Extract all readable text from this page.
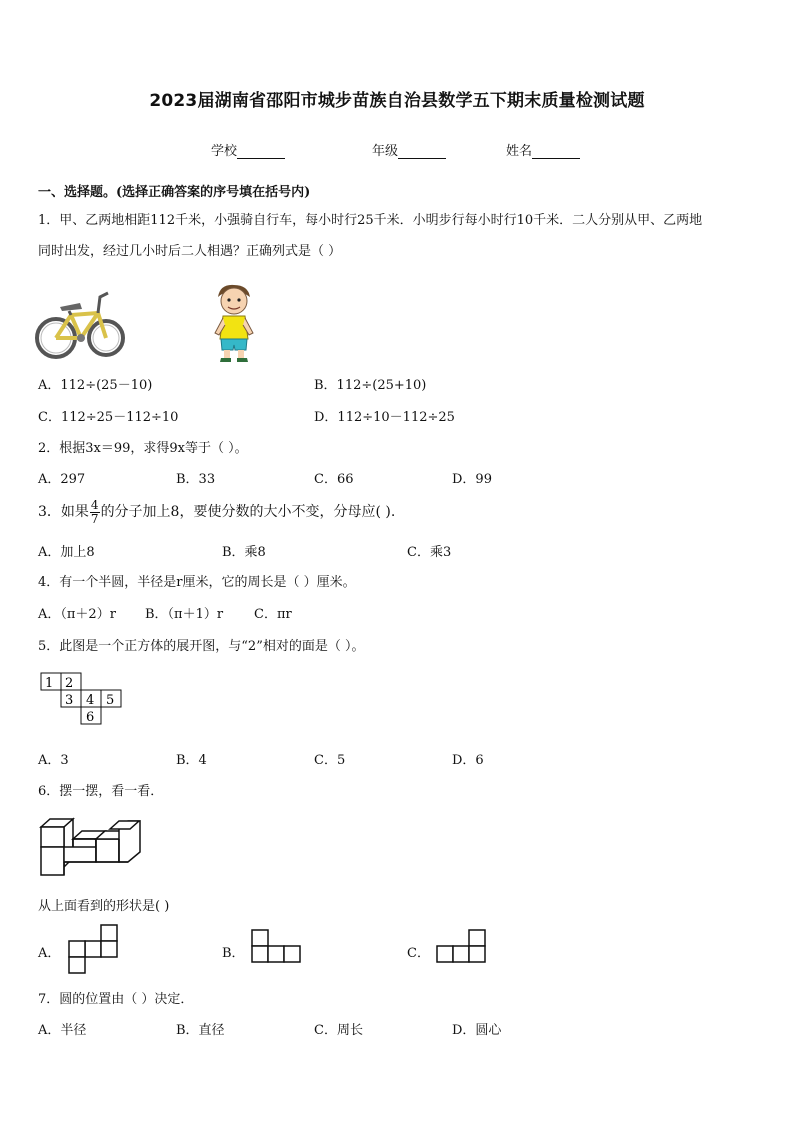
2023届湖南省邵阳市城步苗族自治县数学五下期末质量检测试题
学校	年级	姓名
一、选择题。(选择正确答案的序号填在括号内)
1．甲、乙两地相距112千米，小强骑自行车，每小时行25千米．小明步行每小时行10千米．二人分别从甲、乙两地
同时出发，经过几小时后二人相遇？正确列式是（ ）
A．112÷(25－10)	B．112÷(25+10)
C．112÷25－112÷10	D．112÷10－112÷25
2．根据3x＝99，求得9x等于（ ）。
A．297	B．33	C．66	D．99
3．如果 $\frac{4}{7}$ 的分子加上8，要使分数的大小不变，分母应( ).
A．加上8	B．乘8	C．乘3
4．有一个半圆，半径是r厘米，它的周长是（ ）厘米。
A．（π＋2）r B．（π＋1）r C．πr
5．此图是一个正方体的展开图，与“2”相对的面是（ ）。
1 2
3 4 5
6
A．3	B．4	C．5	D．6
6．摆一摆，看一看．
从上面看到的形状是( )
A．	B．	C．
7．圆的位置由（ ）决定．
A．半径	B．直径	C．周长	D．圆心
